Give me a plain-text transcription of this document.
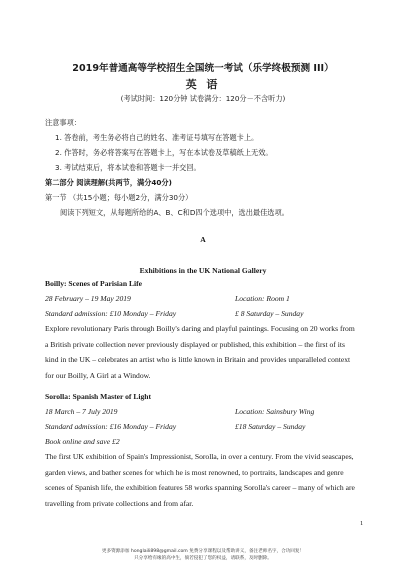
2019年普通高等学校招生全国统一考试（乐学终极预测 III）
英 语
(考试时间：120分钟 试卷满分：120分－不含听力)
注意事项：
1. 答卷前，考生务必将自己的姓名、准考证号填写在答题卡上。
2. 作答时，务必将答案写在答题卡上，写在本试卷及草稿纸上无效。
3. 考试结束后，将本试卷和答题卡一并交回。
第二部分 阅读理解(共两节，满分40分)
第一节 （共15小题；每小题2分，满分30分）
阅读下列短文，从每题所给的A、B、C和D四个选项中，选出最佳选项。
A
Exhibitions in the UK National Gallery
Boilly: Scenes of Parisian Life
28 February – 19 May 2019	Location: Room 1
Standard admission: £10 Monday – Friday	£ 8 Saturday – Sunday
Explore revolutionary Paris through Boilly's daring and playful paintings. Focusing on 20 works from
a British private collection never previously displayed or published, this exhibition – the first of its
kind in the UK – celebrates an artist who is little known in Britain and provides unparalleled context
for our Boilly, A Girl at a Window.
Sorolla: Spanish Master of Light
18 March – 7 July 2019	Location: Sainsbury Wing
Standard admission: £16 Monday – Friday	£18 Saturday – Sunday
Book online and save £2
The first UK exhibition of Spain's Impressionist, Sorolla, in over a century. From the vivid seascapes,
garden views, and bather scenes for which he is most renowned, to portraits, landscapes and genre
scenes of Spanish life, the exhibition features 58 works spanning Sorolla's career – many of which are
travelling from private collections and from afar.
1
更多资源添加 honglaili898@gmail.com 免费分享课程以及帮助讲义，备注老师名字，合功回复！
只分享给有缘的高中生，倘若侵犯了您的权益，请联系，及时删除。
